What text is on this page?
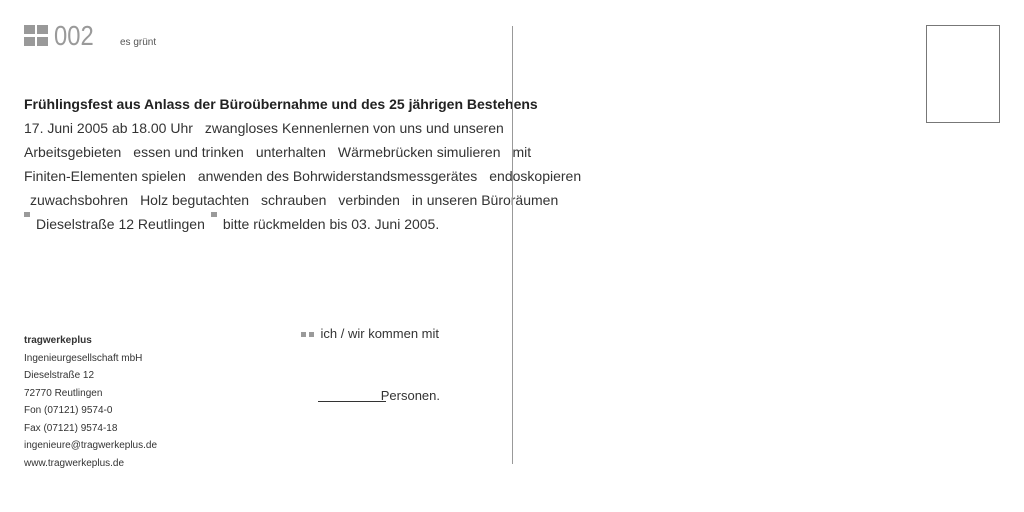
002	es grünt
Frühlingsfest aus Anlass der Büroübernahme und des 25 jährigen Bestehens
17. Juni 2005 ab 18.00 Uhr zwangloses Kennenlernen von uns und unseren
Arbeitsgebieten essen und trinken unterhalten Wärmebrücken simulieren mit
Finiten-Elementen spielen anwenden des Bohrwiderstandsmessgerätes endoskopieren
zuwachsbohren Holz begutachten schrauben verbinden in unseren Büroräumen
Dieselstraße 12 Reutlingen bitte rückmelden bis 03. Juni 2005.
tragwerkeplus
Ingenieurgesellschaft mbH
Dieselstraße 12
72770 Reutlingen
Fon (07121) 9574-0
Fax (07121) 9574-18
ingenieure@tragwerkeplus.de
www.tragwerkeplus.de
ich / wir kommen mit
Personen.
